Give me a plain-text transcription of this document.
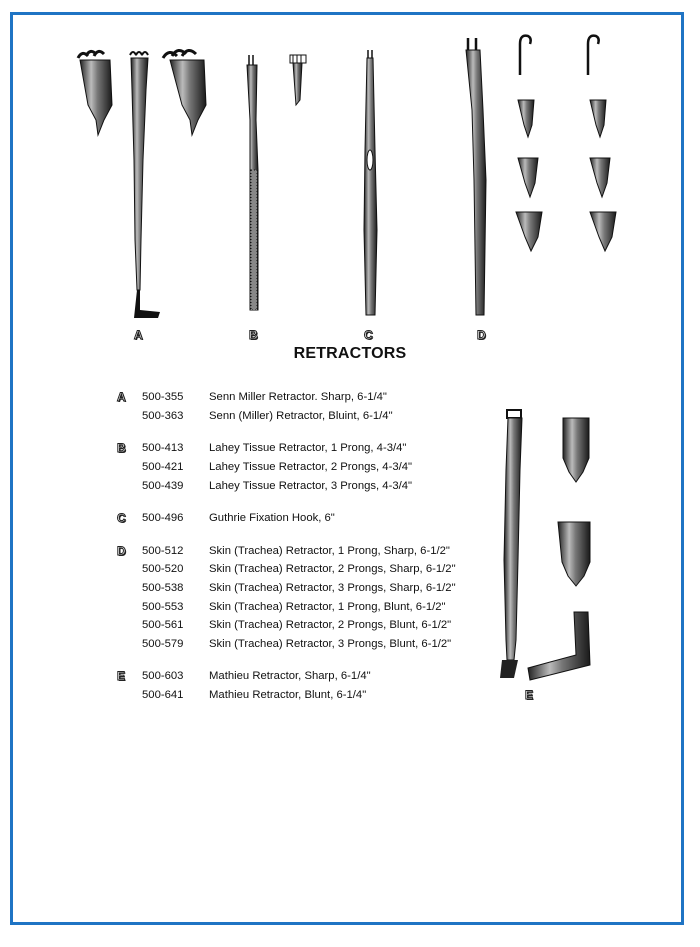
A	B	C	D
E
RETRACTORS
A	500-355	Senn Miller Retractor. Sharp, 6-1/4"
500-363	Senn (Miller) Retractor, Bluint, 6-1/4"
B	500-413	Lahey Tissue Retractor, 1 Prong, 4-3/4"
500-421	Lahey Tissue Retractor, 2 Prongs, 4-3/4"
500-439	Lahey Tissue Retractor, 3 Prongs, 4-3/4"
C	500-496	Guthrie Fixation Hook, 6"
D	500-512	Skin (Trachea) Retractor, 1 Prong, Sharp, 6-1/2"
500-520	Skin (Trachea) Retractor, 2 Prongs, Sharp, 6-1/2"
500-538	Skin (Trachea) Retractor, 3 Prongs, Sharp, 6-1/2"
500-553	Skin (Trachea) Retractor, 1 Prong, Blunt, 6-1/2"
500-561	Skin (Trachea) Retractor, 2 Prongs, Blunt, 6-1/2"
500-579	Skin (Trachea) Retractor, 3 Prongs, Blunt, 6-1/2"
E	500-603	Mathieu Retractor, Sharp, 6-1/4"
500-641	Mathieu Retractor, Blunt, 6-1/4"
